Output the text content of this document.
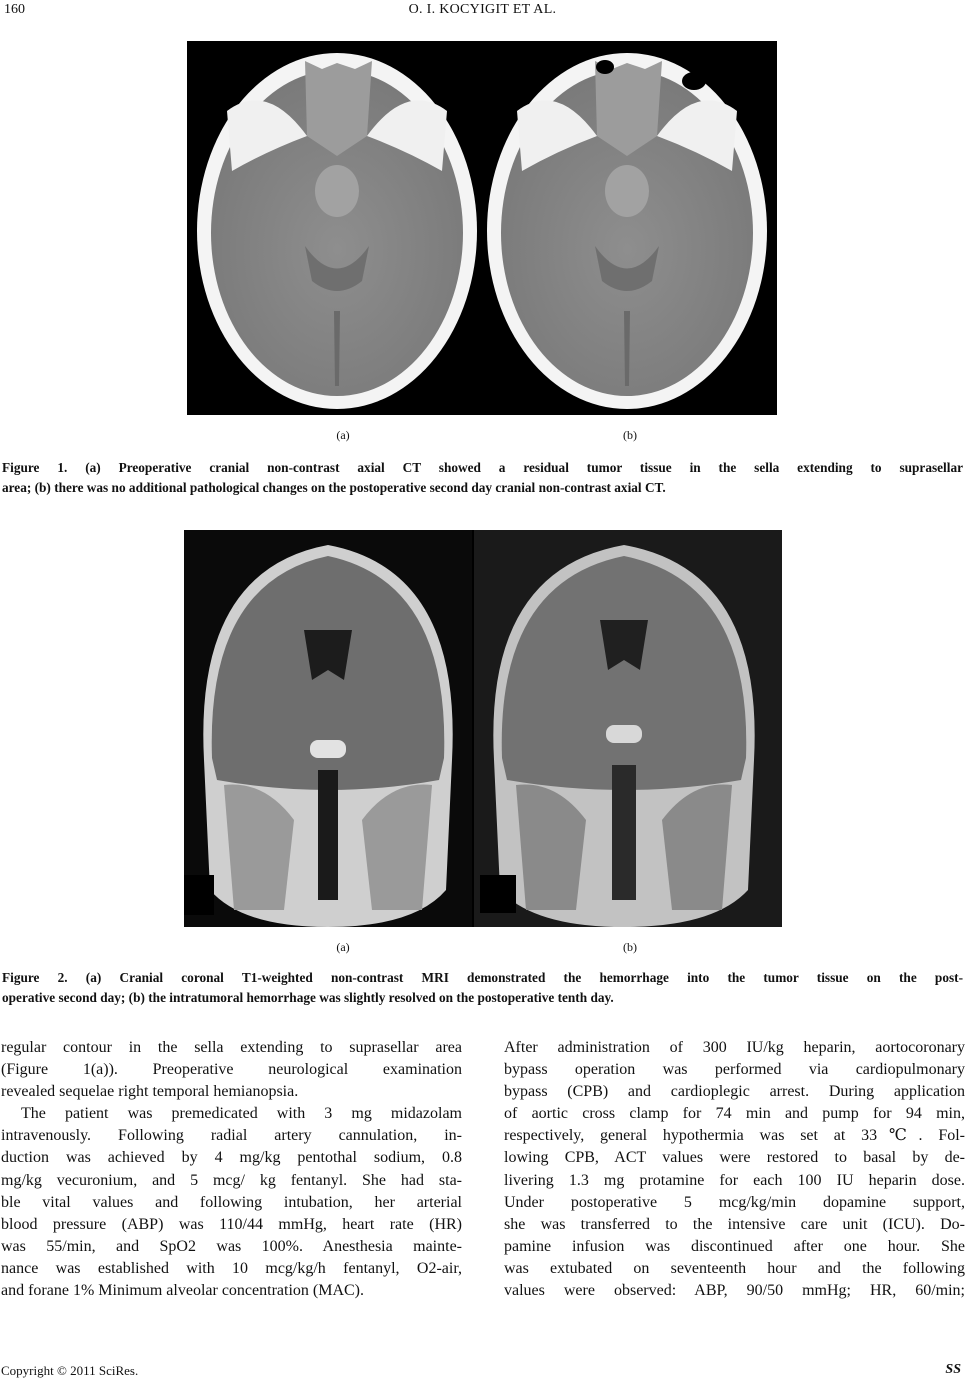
160	O. I. KOCYIGIT ET AL.
(a)	(b)
Figure 1. (a) Preoperative cranial non-contrast axial CT showed a residual tumor tissue in the sella extending to suprasellar
area; (b) there was no additional pathological changes on the postoperative second day cranial non-contrast axial CT.
(a)	(b)
Figure 2. (a) Cranial coronal T1-weighted non-contrast MRI demonstrated the hemorrhage into the tumor tissue on the post-
operative second day; (b) the intratumoral hemorrhage was slightly resolved on the postoperative tenth day.
regular contour in the sella extending to suprasellar area
(Figure 1(a)). Preoperative neurological examination
revealed sequelae right temporal hemianopsia.
The patient was premedicated with 3 mg midazolam
intravenously. Following radial artery cannulation, in-
duction was achieved by 4 mg/kg pentothal sodium, 0.8
mg/kg vecuronium, and 5 mcg/ kg fentanyl. She had sta-
ble vital values and following intubation, her arterial
blood pressure (ABP) was 110/44 mmHg, heart rate (HR)
was 55/min, and SpO2 was 100%. Anesthesia mainte-
nance was established with 10 mcg/kg/h fentanyl, O2-air,
and forane 1% Minimum alveolar concentration (MAC).
After administration of 300 IU/kg heparin, aortocoronary
bypass operation was performed via cardiopulmonary
bypass (CPB) and cardioplegic arrest. During application
of aortic cross clamp for 74 min and pump for 94 min,
respectively, general hypothermia was set at 33℃. Fol-
lowing CPB, ACT values were restored to basal by de-
livering 1.3 mg protamine for each 100 IU heparin dose.
Under postoperative 5 mcg/kg/min dopamine support,
she was transferred to the intensive care unit (ICU). Do-
pamine infusion was discontinued after one hour. She
was extubated on seventeenth hour and the following
values were observed: ABP, 90/50 mmHg; HR, 60/min;
Copyright © 2011 SciRes.	SS
